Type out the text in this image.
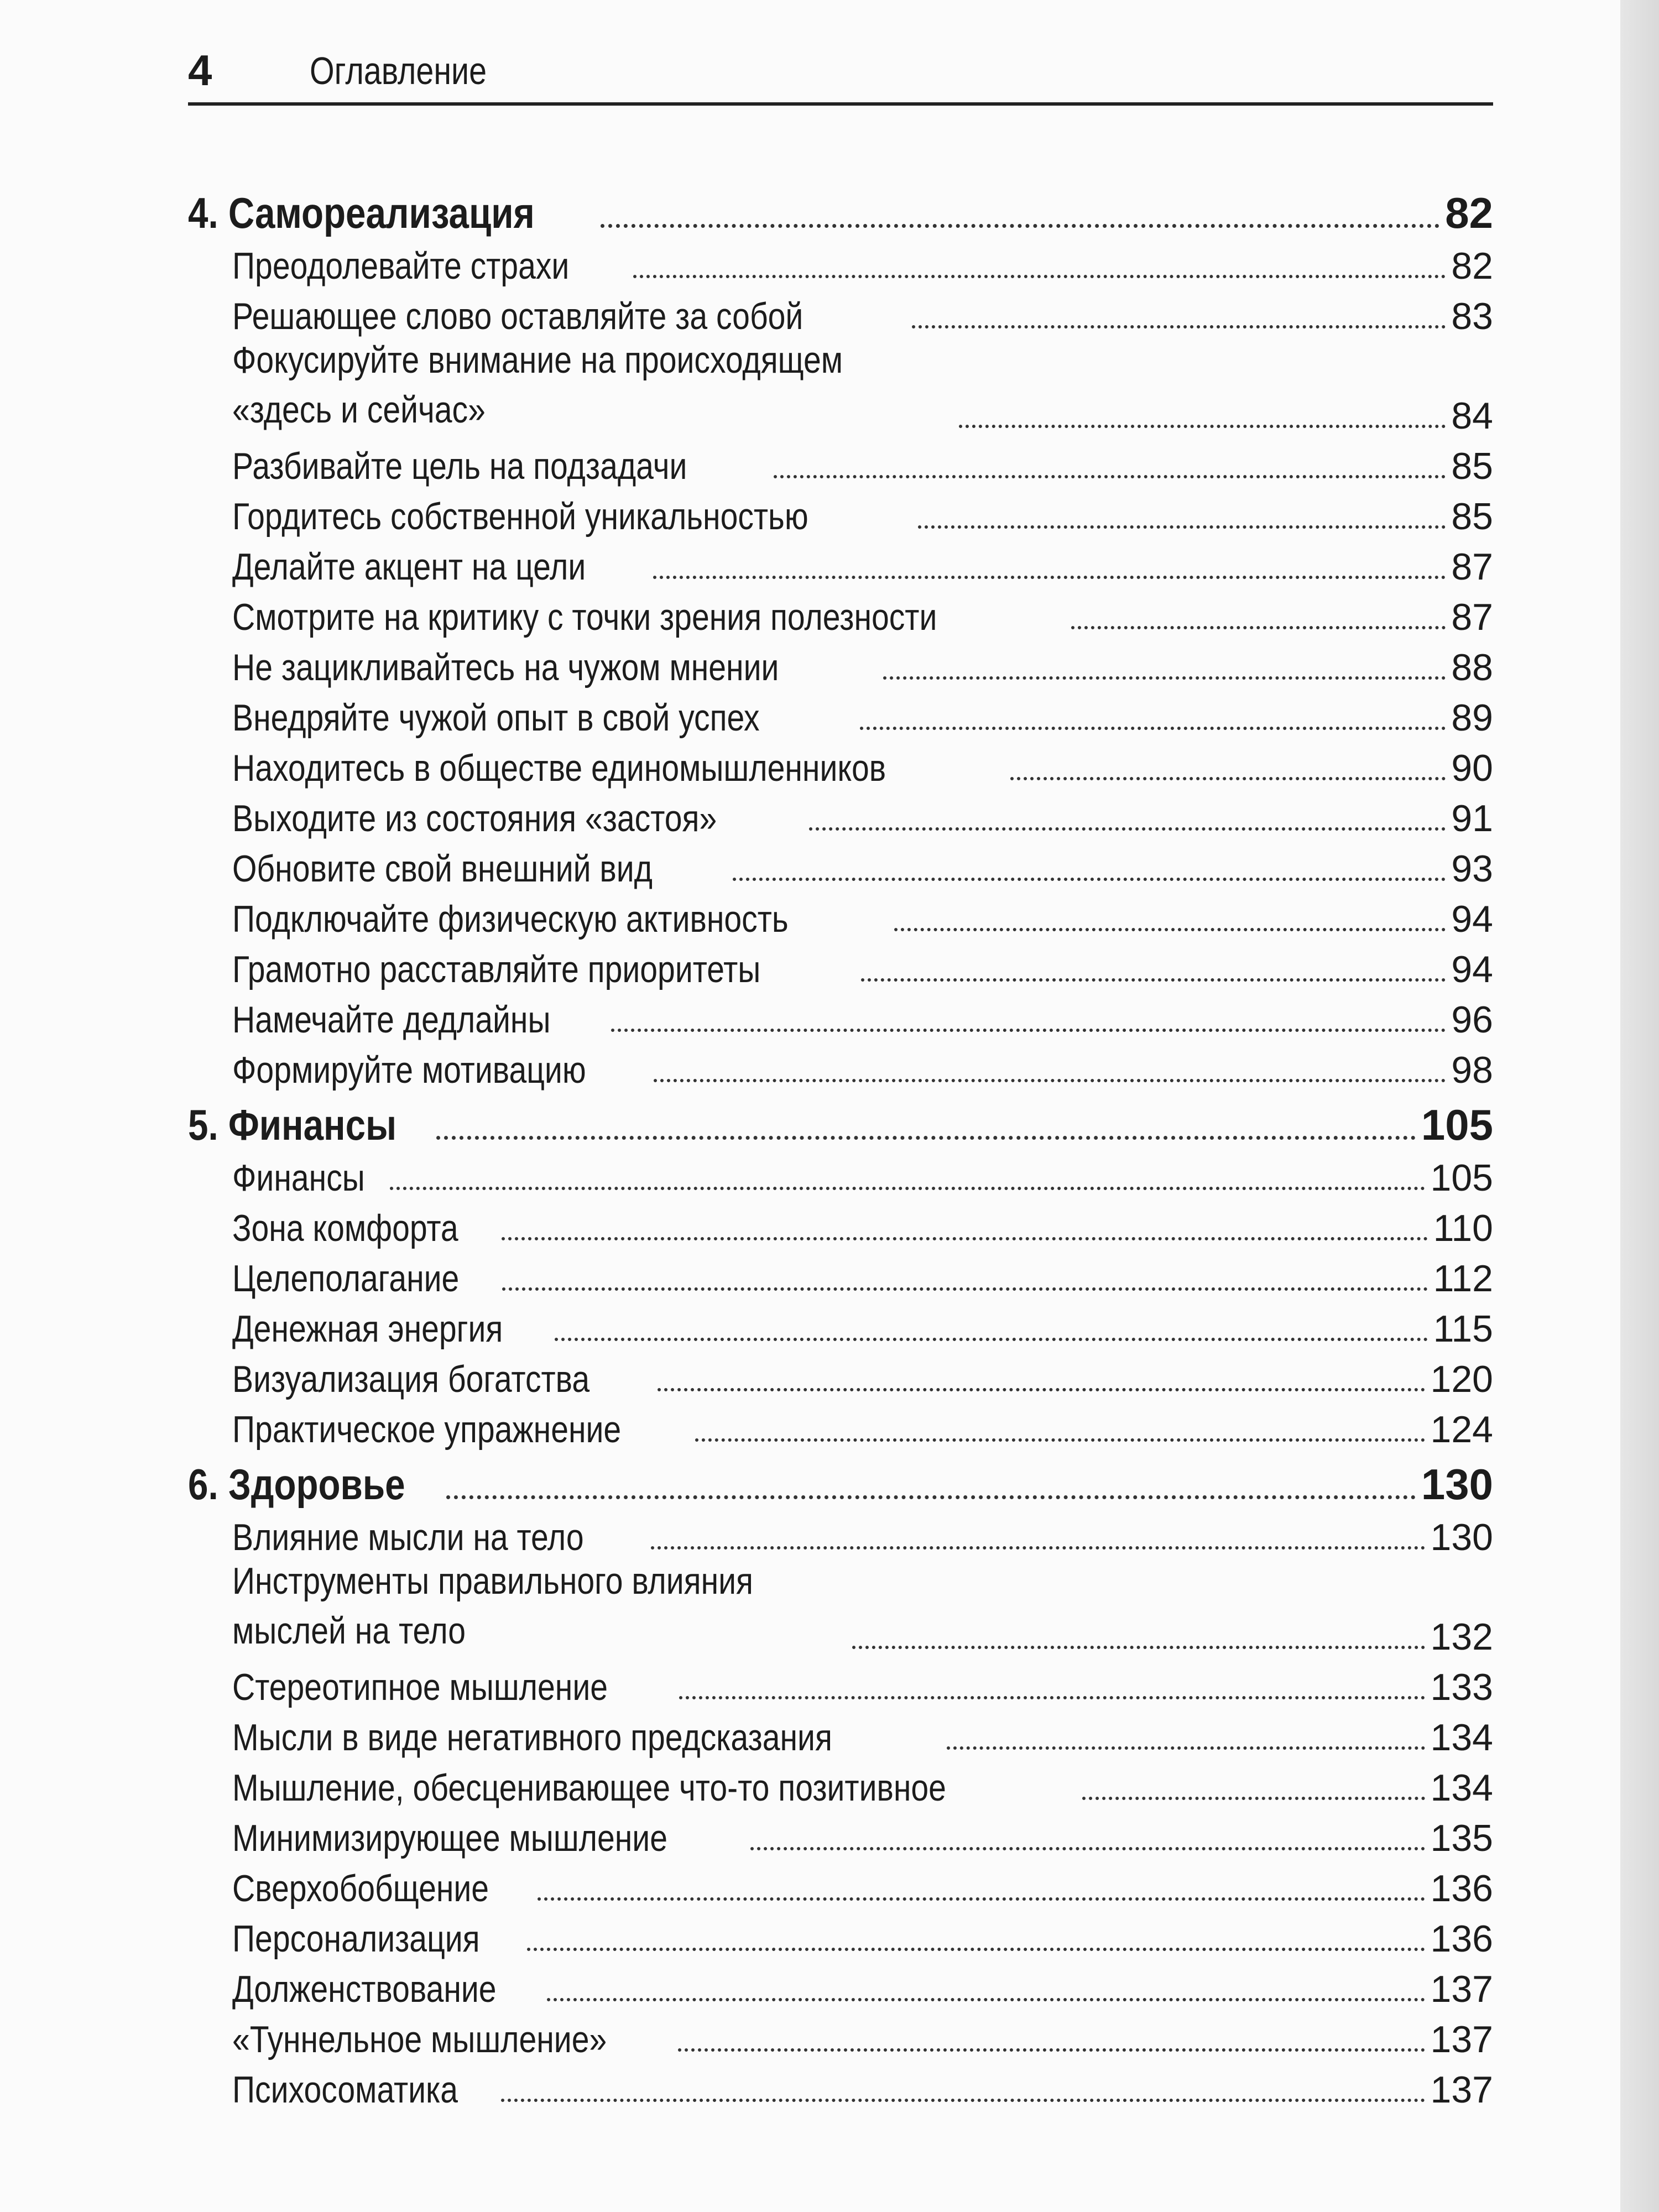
4	Оглавление
4. Самореализация	82
Преодолевайте страхи	82
Решающее слово оставляйте за собой	83
Фокусируйте внимание на происходящем
«здесь и сейчас»	84
Разбивайте цель на подзадачи	85
Гордитесь собственной уникальностью	85
Делайте акцент на цели	87
Смотрите на критику с точки зрения полезности	87
Не зацикливайтесь на чужом мнении	88
Внедряйте чужой опыт в свой успех	89
Находитесь в обществе единомышленников	90
Выходите из состояния «застоя»	91
Обновите свой внешний вид	93
Подключайте физическую активность	94
Грамотно расставляйте приоритеты	94
Намечайте дедлайны	96
Формируйте мотивацию	98
5. Финансы	105
Финансы	105
Зона комфорта	110
Целеполагание	112
Денежная энергия	115
Визуализация богатства	120
Практическое упражнение	124
6. Здоровье	130
Влияние мысли на тело	130
Инструменты правильного влияния
мыслей на тело	132
Стереотипное мышление	133
Мысли в виде негативного предсказания	134
Мышление, обесценивающее что-то позитивное	134
Минимизирующее мышление	135
Сверхобобщение	136
Персонализация	136
Долженствование	137
«Туннельное мышление»	137
Психосоматика	137
